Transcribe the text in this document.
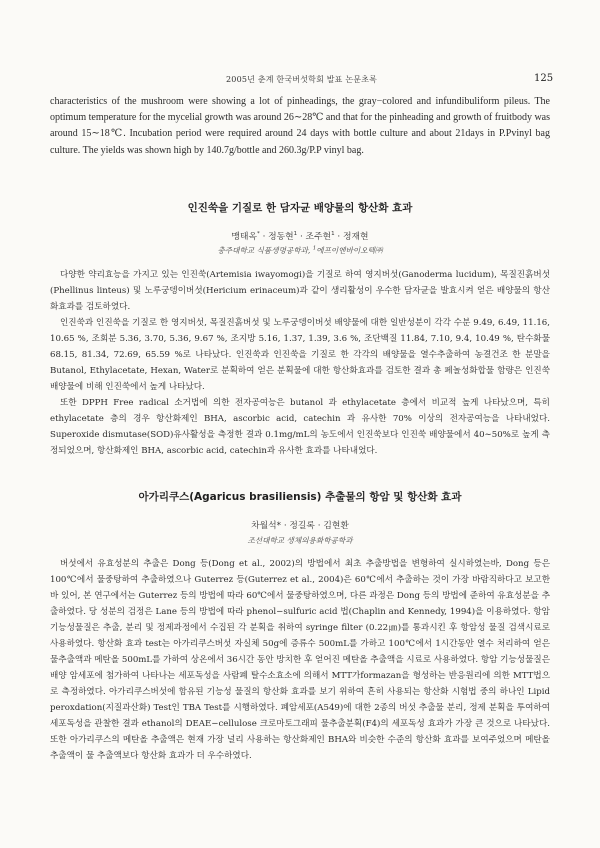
2005년 춘계 한국버섯학회 발표 논문초록	125
characteristics of the mushroom were showing a lot of pinheadings, the gray−colored and infundibuliform pileus. The optimum temperature for the mycelial growth was around 26∼28℃ and that for the pinheading and growth of fruitbody was around 15∼18℃. Incubation period were required around 24 days with bottle culture and about 21days in P.Pvinyl bag culture. The yields was shown high by 140.7g/bottle and 260.3g/P.P vinyl bag.
인진쑥을 기질로 한 담자균 배양물의 항산화 효과
맹태옥* · 정동현$^1$ · 조주현$^1$ · 정재현
충주대학교 식품생명공학과, $^1$에프이엔바이오텍㈜
다양한 약리효능을 가지고 있는 인진쑥(Artemisia iwayomogi)을 기질로 하여 영지버섯(Ganoderma lucidum), 목질진흙버섯(Phellinus linteus) 및 노루궁뎅이버섯(Hericium erinaceum)과 같이 생리활성이 우수한 담자균을 발효시켜 얻은 배양물의 항산화효과를 검토하였다.
인진쑥과 인진쑥을 기질로 한 영지버섯, 목질진흙버섯 및 노루궁뎅이버섯 배양물에 대한 일반성분이 각각 수분 9.49, 6.49, 11.16, 10.65 %, 조회분 5.36, 3.70, 5.36, 9.67 %, 조지방 5.16, 1.37, 1.39, 3.6 %, 조단백질 11.84, 7.10, 9.4, 10.49 %, 탄수화물 68.15, 81.34, 72.69, 65.59 %로 나타났다. 인진쑥과 인진쑥을 기질로 한 각각의 배양물을 열수추출하여 농결건조 한 분말을 Butanol, Ethylacetate, Hexan, Water로 분획하여 얻은 분획물에 대한 항산화효과를 검토한 결과 총 페놀성화합물 함량은 인진쑥 배양물에 비해 인진쑥에서 높게 나타났다.
또한 DPPH Free radical 소거법에 의한 전자공여능은 butanol 과 ethylacetate 층에서 비교적 높게 나타났으며, 특히 ethylacetate 층의 경우 항산화제인 BHA, ascorbic acid, catechin 과 유사한 70% 이상의 전자공여능을 나타내었다. Superoxide dismutase(SOD)유사활성을 측정한 결과 0.1mg/mL의 농도에서 인진쑥보다 인진쑥 배양물에서 40∼50%로 높게 측정되었으며, 항산화제인 BHA, ascorbic acid, catechin과 유사한 효과를 나타내었다.
아가리쿠스(Agaricus brasiliensis) 추출물의 항암 및 항산화 효과
차월석* · 정길록 · 김현환
조선대학교 생체의용화학공학과
버섯에서 유효성분의 추출은 Dong 등(Dong et al., 2002)의 방법에서 최초 추출방법을 변형하여 실시하였는바, Dong 등은 100℃에서 물중탕하여 추출하였으나 Guterrez 등(Guterrez et al., 2004)은 60℃에서 추출하는 것이 가장 바람직하다고 보고한 바 있어, 본 연구에서는 Guterrez 등의 방법에 따라 60℃에서 물중탕하였으며, 다른 과정은 Dong 등의 방법에 준하여 유효성분을 추출하였다. 당 성분의 검정은 Lane 등의 방법에 따라 phenol−sulfuric acid 법(Chaplin and Kennedy, 1994)을 이용하였다. 항암 기능성물질은 추출, 분리 및 정제과정에서 수집된 각 분획을 취하여 syringe filter (0.22㎛)를 통과시킨 후 항암성 물질 검색시료로 사용하였다. 항산화 효과 test는 아가리쿠스버섯 자실체 50g에 증류수 500mL를 가하고 100℃에서 1시간동안 열수 처리하여 얻은 물추출액과 메탄올 500mL를 가하여 상온에서 36시간 동안 방치한 후 얻어진 메탄올 추출액을 시료로 사용하였다. 항암 기능성물질은 배양 암세포에 첨가하여 나타나는 세포독성을 사람폐 탈수소효소에 의해서 MTT가formazan을 형성하는 반응원리에 의한 MTT법으로 측정하였다. 아가리쿠스버섯에 함유된 기능성 물질의 항산화 효과를 보기 위하여 흔히 사용되는 항산화 시험법 중의 하나인 Lipid peroxdation(지질과산화) Test인 TBA Test를 시행하였다. 폐암세포(A549)에 대한 2종의 버섯 추출물 분리, 정제 분획을 투여하여 세포독성을 관찰한 결과 ethanol의 DEAE−cellulose 크로마토그래피 물추출분획(F4)의 세포독성 효과가 가장 큰 것으로 나타났다. 또한 아가리쿠스의 메탄올 추출액은 현재 가장 널리 사용하는 항산화제인 BHA와 비슷한 수준의 항산화 효과를 보여주었으며 메탄올 추출액이 물 추출액보다 항산화 효과가 더 우수하였다.
